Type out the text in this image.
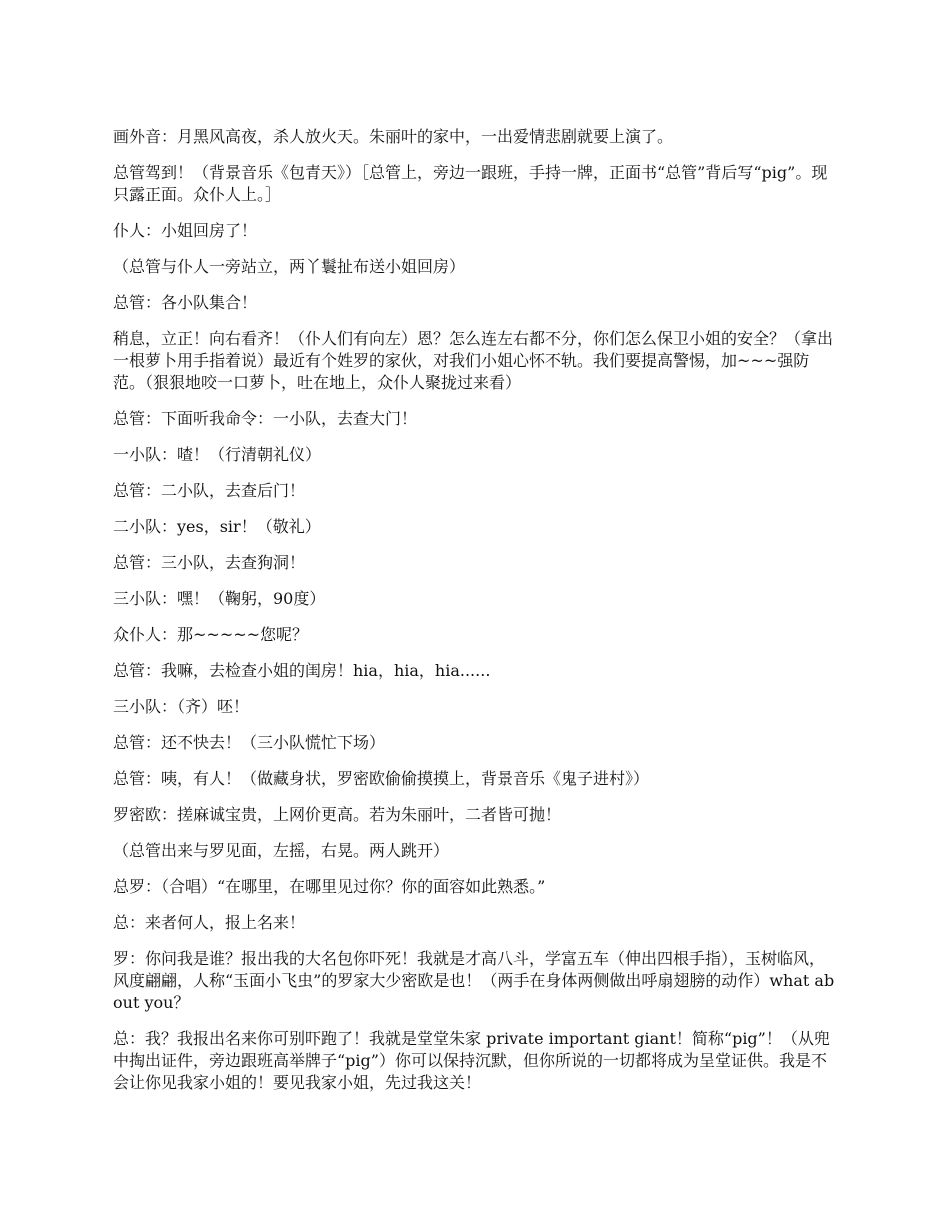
画外音：月黑风高夜，杀人放火天。朱丽叶的家中，一出爱情悲剧就要上演了。

总管驾到！（背景音乐《包青天》）［总管上，旁边一跟班，手持一牌，正面书“总管”背后写“pig”。现只露正面。众仆人上。］

仆人：小姐回房了！

（总管与仆人一旁站立，两丫鬟扯布送小姐回房）

总管：各小队集合！

稍息，立正！向右看齐！（仆人们有向左）恩？怎么连左右都不分，你们怎么保卫小姐的安全？（拿出一根萝卜用手指着说）最近有个姓罗的家伙，对我们小姐心怀不轨。我们要提高警惕，加~~~强防范。（狠狠地咬一口萝卜，吐在地上，众仆人聚拢过来看）

总管：下面听我命令：一小队，去查大门！

一小队：喳！（行清朝礼仪）

总管：二小队，去查后门！

二小队：yes，sir！（敬礼）

总管：三小队，去查狗洞！

三小队：嘿！（鞠躬，90度）

众仆人：那~~~~~您呢？

总管：我嘛，去检查小姐的闺房！hia，hia，hia......

三小队：（齐）呸！

总管：还不快去！（三小队慌忙下场）

总管：咦，有人！（做藏身状，罗密欧偷偷摸摸上，背景音乐《鬼子进村》）

罗密欧：搓麻诚宝贵，上网价更高。若为朱丽叶，二者皆可抛！

（总管出来与罗见面，左摇，右晃。两人跳开）

总罗：（合唱）“在哪里，在哪里见过你？你的面容如此熟悉。”

总：来者何人，报上名来！

罗：你问我是谁？报出我的大名包你吓死！我就是才高八斗，学富五车（伸出四根手指），玉树临风，风度翩翩，人称“玉面小飞虫”的罗家大少密欧是也！（两手在身体两侧做出呼扇翅膀的动作）what about you？

总：我？我报出名来你可别吓跑了！我就是堂堂朱家 private important giant！简称“pig”！（从兜中掏出证件，旁边跟班高举牌子“pig”）你可以保持沉默，但你所说的一切都将成为呈堂证供。我是不会让你见我家小姐的！要见我家小姐，先过我这关！
